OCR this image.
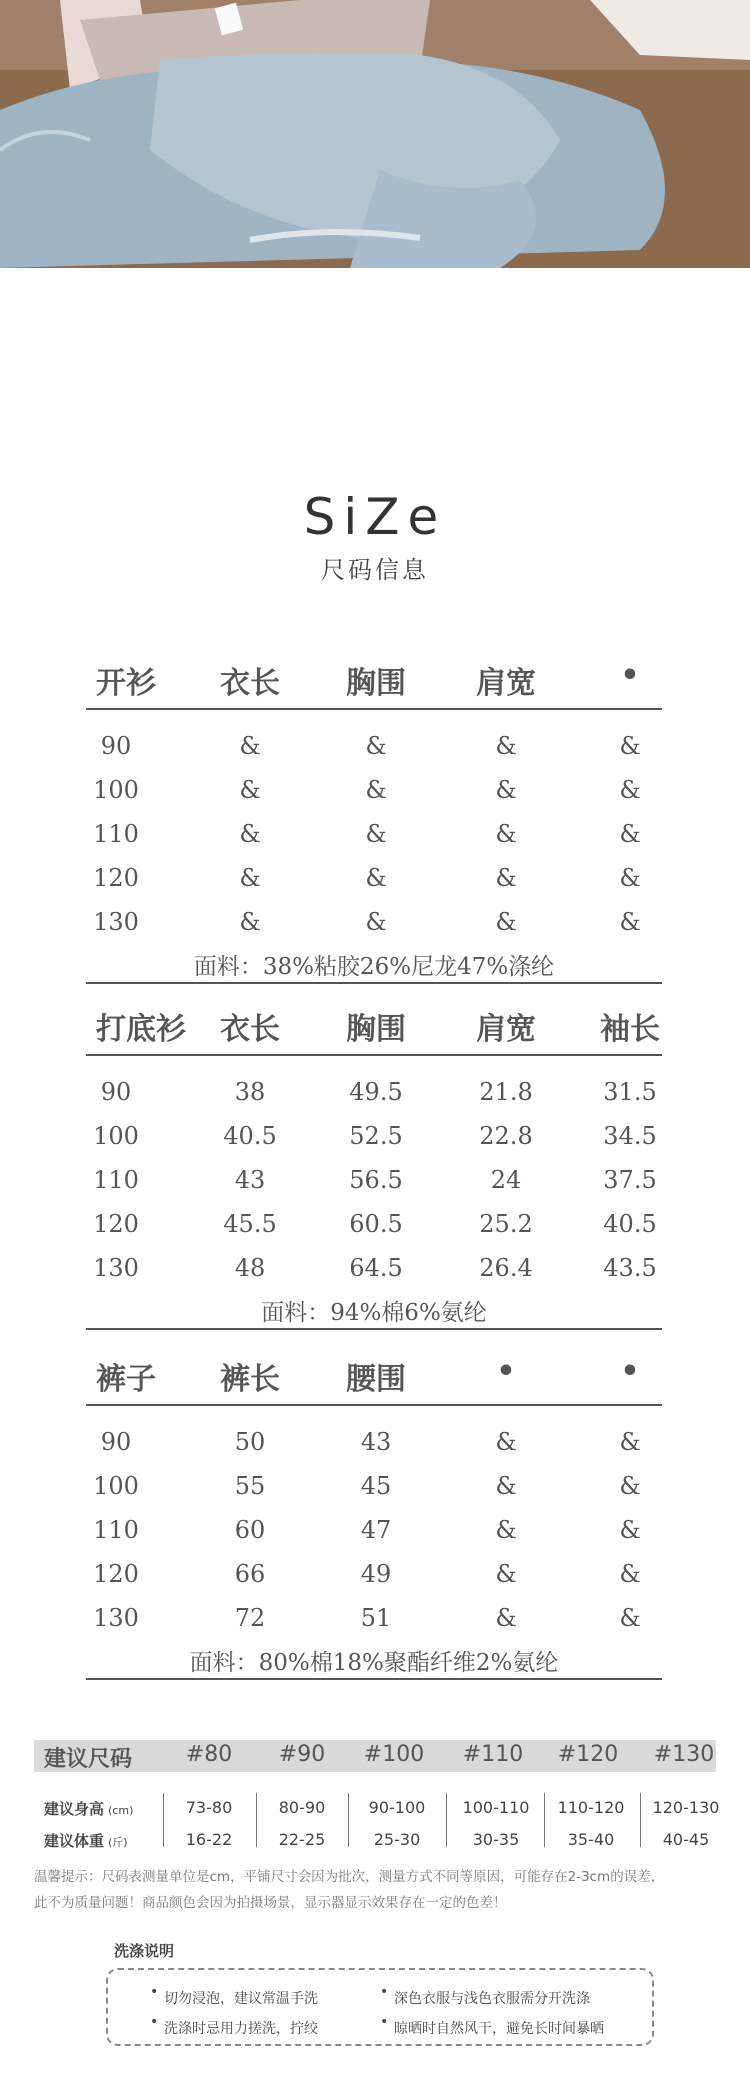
SiZe
尺码信息
开衫 衣长 胸围 肩宽	•
90	&	&	&	&
100	&	&	&	&
110	&	&	&	&
120	&	&	&	&
130	&	&	&	&
面料：38%粘胶26%尼龙47%涤纶
打底衫 衣长 胸围 肩宽 袖长
90	38	49.5	21.8	31.5
100	40.5	52.5	22.8	34.5
110	43	56.5	24	37.5
120	45.5	60.5	25.2	40.5
130	48	64.5	26.4	43.5
面料：94%棉6%氨纶
裤子 裤长 腰围	•	•
90	50	43	&	&
100	55	45	&	&
110	60	47	&	&
120	66	49	&	&
130	72	51	&	&
面料：80%棉18%聚酯纤维2%氨纶
建议尺码 #80 #90 #100 #110 #120 #130
建议身高 (cm)	73-80	80-90	90-100 100-110 110-120 120-130
建议体重 (斤)	16-22	22-25	25-30	30-35	35-40	40-45
温馨提示：尺码表测量单位是cm，平铺尺寸会因为批次，测量方式不同等原因，可能存在2-3cm的误差，
此不为质量问题！商品颜色会因为拍摄场景，显示器显示效果存在一定的色差！
洗涤说明
• 切勿浸泡，建议常温手洗	• 深色衣服与浅色衣服需分开洗涤
• 洗涤时忌用力搓洗，拧绞	• 晾晒时自然风干，避免长时间暴晒
